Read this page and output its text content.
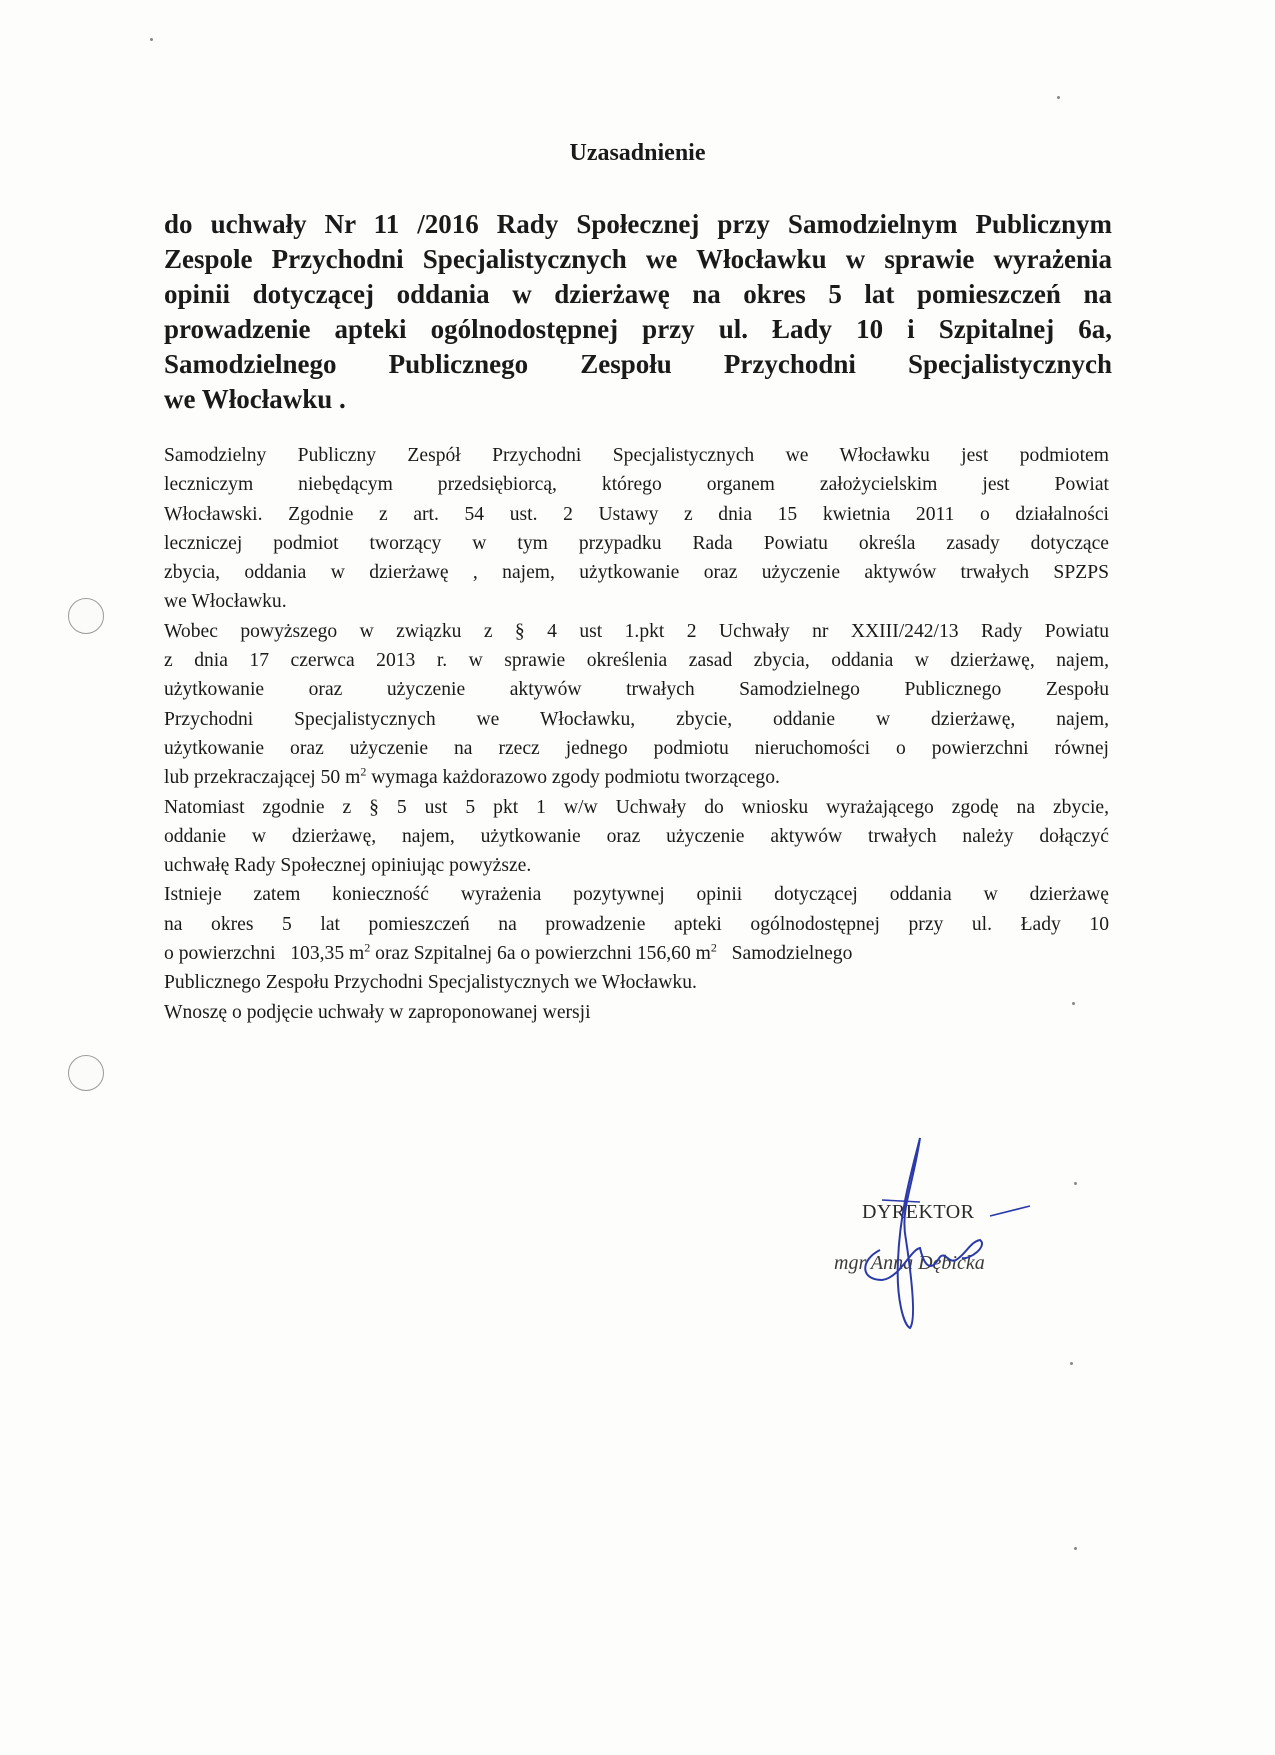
Uzasadnienie
do uchwały Nr 11 /2016 Rady Społecznej przy Samodzielnym Publicznym
Zespole Przychodni Specjalistycznych we Włocławku w sprawie wyrażenia
opinii dotyczącej oddania w dzierżawę na okres 5 lat pomieszczeń na
prowadzenie apteki ogólnodostępnej przy ul. Łady 10 i Szpitalnej 6a,
Samodzielnego Publicznego Zespołu Przychodni Specjalistycznych
we Włocławku .
Samodzielny Publiczny Zespół Przychodni Specjalistycznych we Włocławku jest podmiotem
leczniczym niebędącym przedsiębiorcą, którego organem założycielskim jest Powiat
Włocławski. Zgodnie z art. 54 ust. 2 Ustawy z dnia 15 kwietnia 2011 o działalności
leczniczej podmiot tworzący w tym przypadku Rada Powiatu określa zasady dotyczące
zbycia, oddania w dzierżawę , najem, użytkowanie oraz użyczenie aktywów trwałych SPZPS
we Włocławku.
Wobec powyższego w związku z § 4 ust 1.pkt 2 Uchwały nr XXIII/242/13 Rady Powiatu
z dnia 17 czerwca 2013 r. w sprawie określenia zasad zbycia, oddania w dzierżawę, najem,
użytkowanie oraz użyczenie aktywów trwałych Samodzielnego Publicznego Zespołu
Przychodni Specjalistycznych we Włocławku, zbycie, oddanie w dzierżawę, najem,
użytkowanie oraz użyczenie na rzecz jednego podmiotu nieruchomości o powierzchni równej
lub przekraczającej 50 $m^2$ wymaga każdorazowo zgody podmiotu tworzącego.
Natomiast zgodnie z § 5 ust 5 pkt 1 w/w Uchwały do wniosku wyrażającego zgodę na zbycie,
oddanie w dzierżawę, najem, użytkowanie oraz użyczenie aktywów trwałych należy dołączyć
uchwałę Rady Społecznej opiniując powyższe.
Istnieje zatem konieczność wyrażenia pozytywnej opinii dotyczącej oddania w dzierżawę
na okres 5 lat pomieszczeń na prowadzenie apteki ogólnodostępnej przy ul. Łady 10
o powierzchni   103,35 $m^2$ oraz Szpitalnej 6a o powierzchni 156,60 $m^2$ Samodzielnego
Publicznego Zespołu Przychodni Specjalistycznych we Włocławku.
Wnoszę o podjęcie uchwały w zaproponowanej wersji
DYREKTOR
mgr Anna Dębicka
